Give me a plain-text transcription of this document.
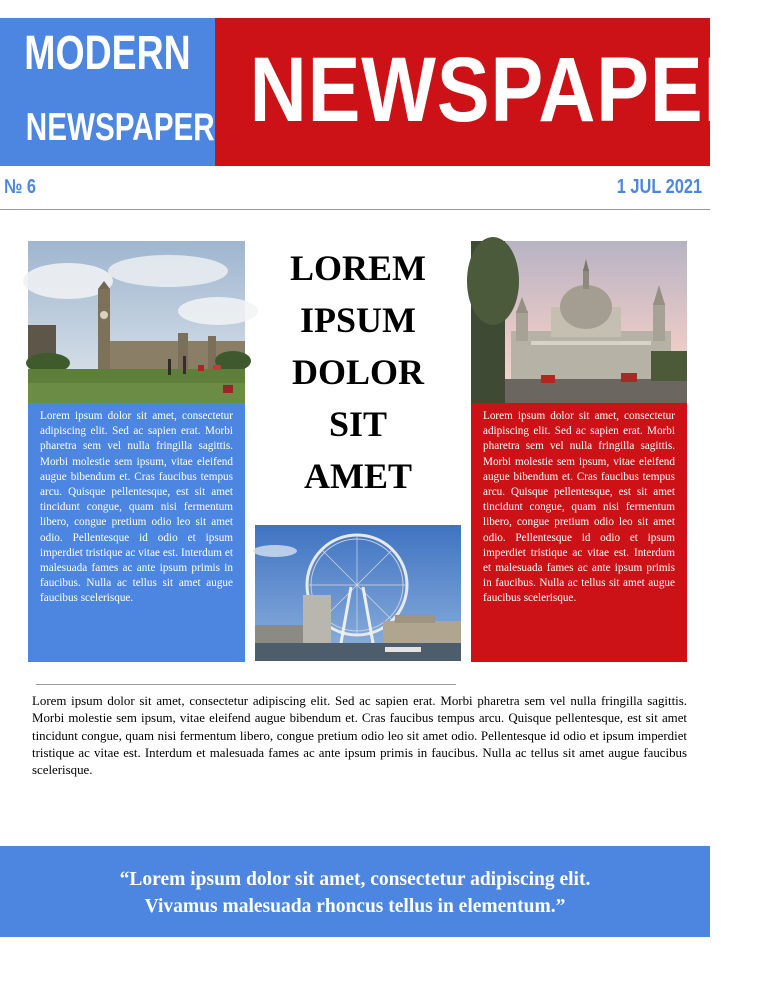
MODERN
NEWSPAPER NEWSPAPER
№ 6	1 JUL 2021
LOREM
IPSUM
DOLOR
SIT
AMET
Lorem ipsum dolor sit amet, consectetur adipiscing elit. Sed ac sapien erat. Morbi pharetra sem vel nulla fringilla sagittis. Morbi molestie sem ipsum, vitae eleifend augue bibendum et. Cras faucibus tempus arcu. Quisque pellentesque, est sit amet tincidunt congue, quam nisi fermentum libero, congue pretium odio leo sit amet odio. Pellentesque id odio et ipsum imperdiet tristique ac vitae est. Interdum et malesuada fames ac ante ipsum primis in faucibus. Nulla ac tellus sit amet augue faucibus scelerisque.
Lorem ipsum dolor sit amet, consectetur adipiscing elit. Sed ac sapien erat. Morbi pharetra sem vel nulla fringilla sagittis. Morbi molestie sem ipsum, vitae eleifend augue bibendum et. Cras faucibus tempus arcu. Quisque pellentesque, est sit amet tincidunt congue, quam nisi fermentum libero, congue pretium odio leo sit amet odio. Pellentesque id odio et ipsum imperdiet tristique ac vitae est. Interdum et malesuada fames ac ante ipsum primis in faucibus. Nulla ac tellus sit amet augue faucibus scelerisque.
Lorem ipsum dolor sit amet, consectetur adipiscing elit. Sed ac sapien erat. Morbi pharetra sem vel nulla fringilla sagittis. Morbi molestie sem ipsum, vitae eleifend augue bibendum et. Cras faucibus tempus arcu. Quisque pellentesque, est sit amet tincidunt congue, quam nisi fermentum libero, congue pretium odio leo sit amet odio. Pellentesque id odio et ipsum imperdiet tristique ac vitae est. Interdum et malesuada fames ac ante ipsum primis in faucibus. Nulla ac tellus sit amet augue faucibus scelerisque.
“Lorem ipsum dolor sit amet, consectetur adipiscing elit.
Vivamus malesuada rhoncus tellus in elementum.”
